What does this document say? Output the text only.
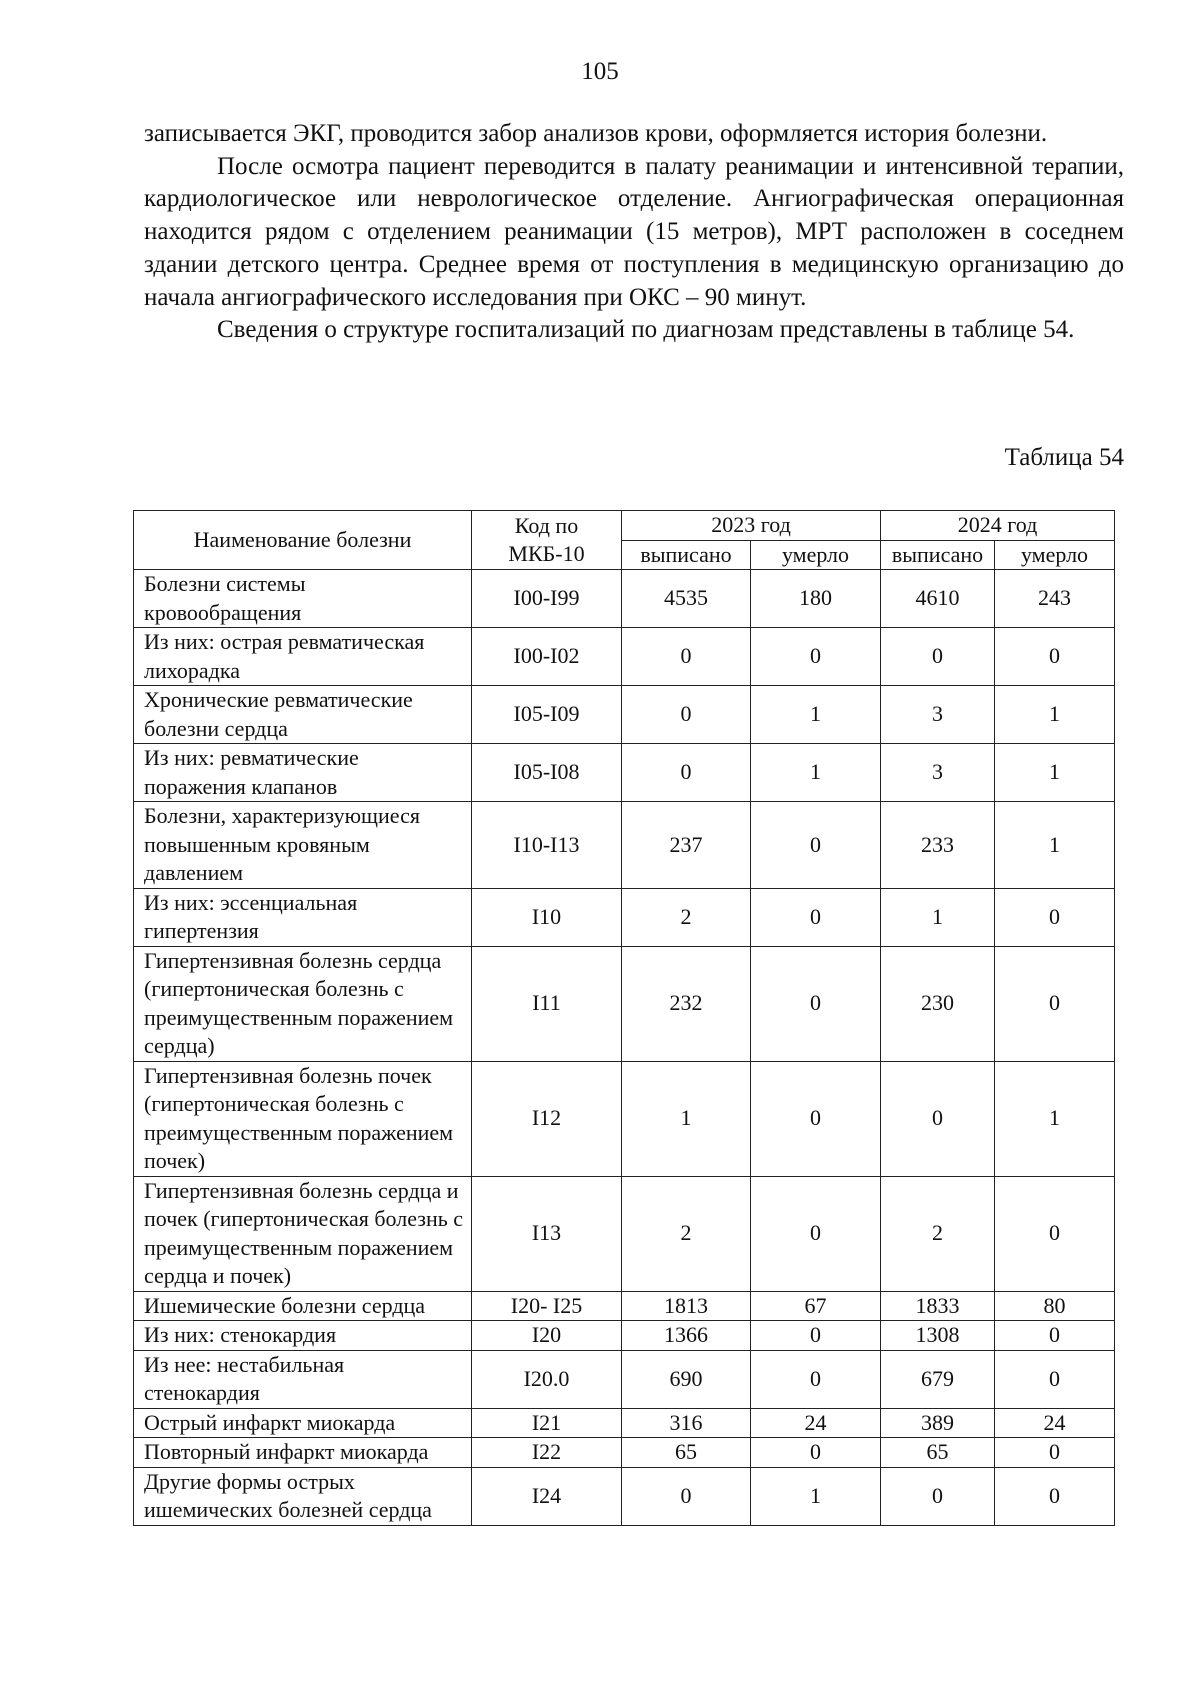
105

записывается ЭКГ, проводится забор анализов крови, оформляется история болезни.

После осмотра пациент переводится в палату реанимации и интенсивной терапии, кардиологическое или неврологическое отделение. Ангиографическая операционная находится рядом с отделением реанимации (15 метров), МРТ расположен в соседнем здании детского центра. Среднее время от поступления в медицинскую организацию до начала ангиографического исследования при ОКС – 90 минут.

Сведения о структуре госпитализаций по диагнозам представлены в таблице 54.

Таблица 54
Наименование болезни	Код по МКБ-10	2023 год		2024 год	
		выписано	умерло	выписано	умерло
Болезни системы кровообращения	I00-I99	4535	180	4610	243
Из них: острая ревматическая лихорадка	I00-I02	0	0	0	0
Хронические ревматические болезни сердца	I05-I09	0	1	3	1
Из них: ревматические поражения клапанов	I05-I08	0	1	3	1
Болезни, характеризующиеся повышенным кровяным давлением	I10-I13	237	0	233	1
Из них: эссенциальная гипертензия	I10	2	0	1	0
Гипертензивная болезнь сердца (гипертоническая болезнь с преимущественным поражением сердца)	I11	232	0	230	0
Гипертензивная болезнь почек (гипертоническая болезнь с преимущественным поражением почек)	I12	1	0	0	1
Гипертензивная болезнь сердца и почек (гипертоническая болезнь с преимущественным поражением сердца и почек)	I13	2	0	2	0
Ишемические болезни сердца	I20- I25	1813	67	1833	80
Из них: стенокардия	I20	1366	0	1308	0
Из нее: нестабильная стенокардия	I20.0	690	0	679	0
Острый инфаркт миокарда	I21	316	24	389	24
Повторный инфаркт миокарда	I22	65	0	65	0
Другие формы острых ишемических болезней сердца	I24	0	1	0	0
